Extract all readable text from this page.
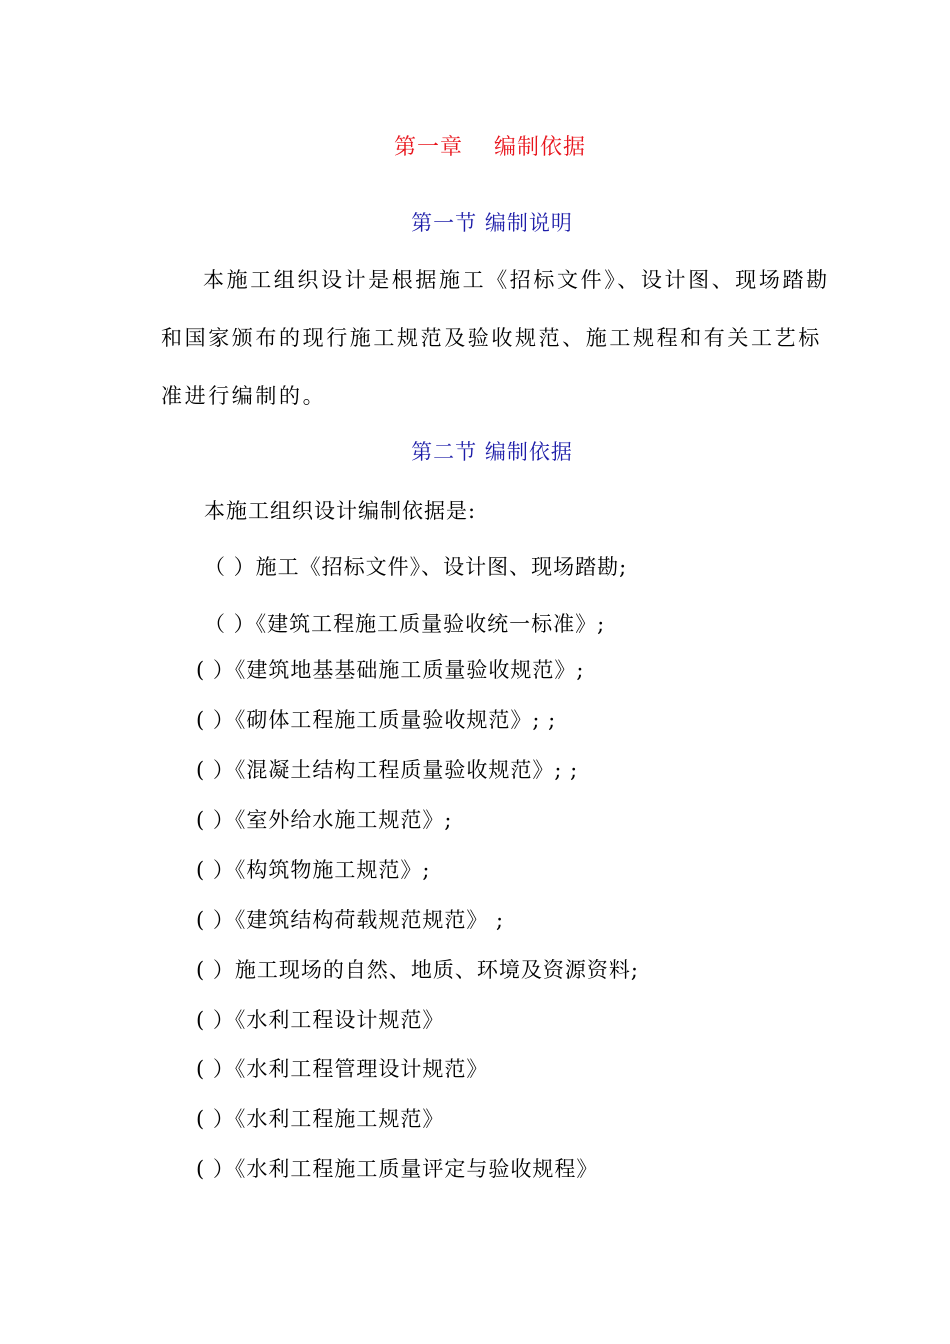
第一章　 编制依据
第一节 编制说明
本施工组织设计是根据施工《招标文件》、设计图、现场踏勘和国家颁布的现行施工规范及验收规范、施工规程和有关工艺标准进行编制的。
第二节 编制依据
本施工组织设计编制依据是:
（ ）施工《招标文件》、设计图、现场踏勘;
（ ）《建筑工程施工质量验收统一标准》;
( ）《建筑地基基础施工质量验收规范》;
( ）《砌体工程施工质量验收规范》; ;
( ）《混凝土结构工程质量验收规范》; ;
( ）《室外给水施工规范》;
( ）《构筑物施工规范》;
( ）《建筑结构荷载规范规范》 ;
( ）施工现场的自然、地质、环境及资源资料;
( ）《水利工程设计规范》
( ）《水利工程管理设计规范》
( ）《水利工程施工规范》
( ）《水利工程施工质量评定与验收规程》
